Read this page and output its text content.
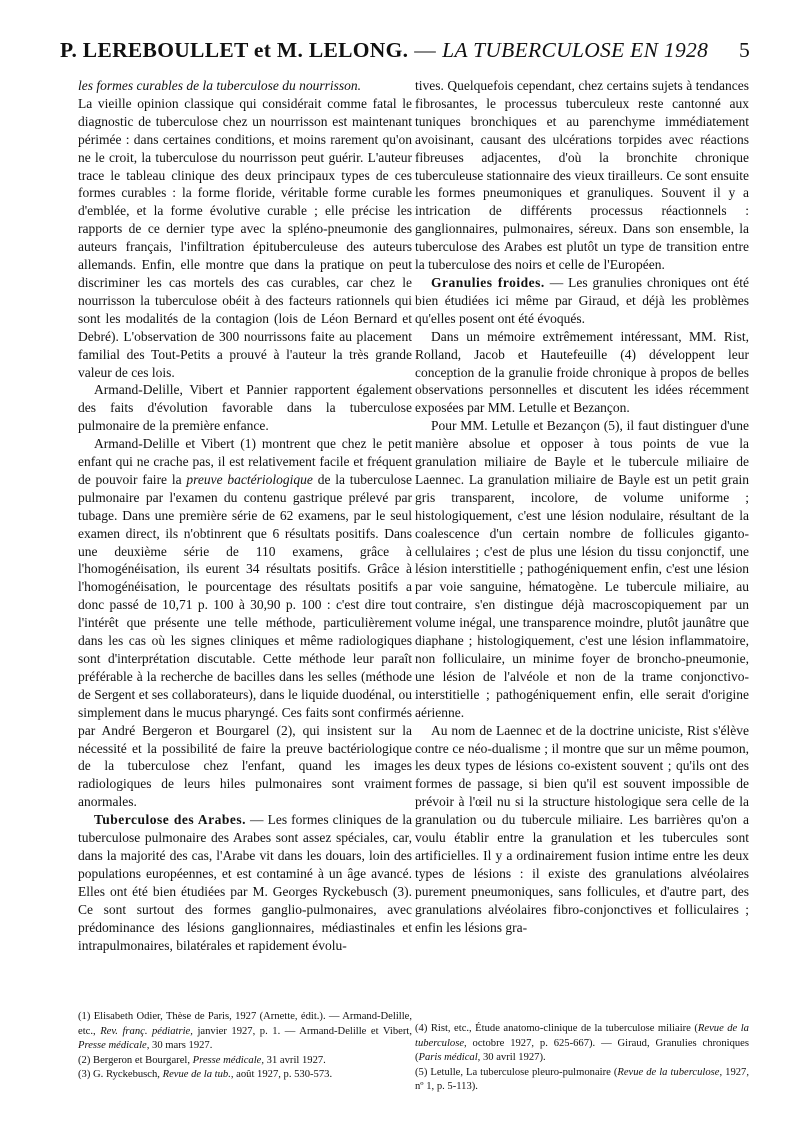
P. LEREBOULLET et M. LELONG. — LA TUBERCULOSE EN 1928 5

les formes curables de la tuberculose du nourrisson.
La vieille opinion classique qui considérait comme fatal le diagnostic de tuberculose chez un nourrisson est maintenant périmée : dans certaines conditions, et moins rarement qu'on ne le croit, la tuberculose du nourrisson peut guérir. L'auteur trace le tableau clinique des deux principaux types de ces formes curables : la forme floride, véritable forme curable d'emblée, et la forme évolutive curable ; elle précise les rapports de ce dernier type avec la spléno-pneumonie des auteurs français, l'infiltration épituberculeuse des auteurs allemands. Enfin, elle montre que dans la pratique on peut discriminer les cas mortels des cas curables, car chez le nourrisson la tuberculose obéit à des facteurs rationnels qui sont les modalités de la contagion (lois de Léon Bernard et Debré). L'observation de 300 nourrissons faite au placement familial des Tout-Petits a prouvé à l'auteur la très grande valeur de ces lois.

Armand-Delille, Vibert et Pannier rapportent également des faits d'évolution favorable dans la tuberculose pulmonaire de la première enfance.

Armand-Delille et Vibert (1) montrent que chez le petit enfant qui ne crache pas, il est relativement facile et fréquent de pouvoir faire la preuve bactériologique de la tuberculose pulmonaire par l'examen du contenu gastrique prélevé par tubage. Dans une première série de 62 examens, par le seul examen direct, ils n'obtinrent que 6 résultats positifs. Dans une deuxième série de 110 examens, grâce à l'homogénéisation, ils eurent 34 résultats positifs. Grâce à l'homogénéisation, le pourcentage des résultats positifs a donc passé de 10,71 p. 100 à 30,90 p. 100 : c'est dire tout l'intérêt que présente une telle méthode, particulièrement dans les cas où les signes cliniques et même radiologiques sont d'interprétation discutable. Cette méthode leur paraît préférable à la recherche de bacilles dans les selles (méthode de Sergent et ses collaborateurs), dans le liquide duodénal, ou simplement dans le mucus pharyngé. Ces faits sont confirmés par André Bergeron et Bourgarel (2), qui insistent sur la nécessité et la possibilité de faire la preuve bactériologique de la tuberculose chez l'enfant, quand les images radiologiques de leurs hiles pulmonaires sont vraiment anormales.

Tuberculose des Arabes. — Les formes cliniques de la tuberculose pulmonaire des Arabes sont assez spéciales, car, dans la majorité des cas, l'Arabe vit dans les douars, loin des populations européennes, et est contaminé à un âge avancé. Elles ont été bien étudiées par M. Georges Ryckebusch (3). Ce sont surtout des formes ganglio-pulmonaires, avec prédominance des lésions ganglionnaires, médiastinales et intrapulmonaires, bilatérales et rapidement évolu-

tives. Quelquefois cependant, chez certains sujets à tendances fibrosantes, le processus tuberculeux reste cantonné aux tuniques bronchiques et au parenchyme immédiatement avoisinant, causant des ulcérations torpides avec réactions fibreuses adjacentes, d'où la bronchite chronique tuberculeuse stationnaire des vieux tirailleurs. Ce sont ensuite les formes pneumoniques et granuliques. Souvent il y a intrication de différents processus réactionnels : ganglionnaires, pulmonaires, séreux. Dans son ensemble, la tuberculose des Arabes est plutôt un type de transition entre la tuberculose des noirs et celle de l'Européen.

Granulies froides. — Les granulies chroniques ont été bien étudiées ici même par Giraud, et déjà les problèmes qu'elles posent ont été évoqués.

Dans un mémoire extrêmement intéressant, MM. Rist, Rolland, Jacob et Hautefeuille (4) développent leur conception de la granulie froide chronique à propos de belles observations personnelles et discutent les idées récemment exposées par MM. Letulle et Bezançon.

Pour MM. Letulle et Bezançon (5), il faut distinguer d'une manière absolue et opposer à tous points de vue la granulation miliaire de Bayle et le tubercule miliaire de Laennec. La granulation miliaire de Bayle est un petit grain gris transparent, incolore, de volume uniforme ; histologiquement, c'est une lésion nodulaire, résultant de la coalescence d'un certain nombre de follicules giganto-cellulaires ; c'est de plus une lésion du tissu conjonctif, une lésion interstitielle ; pathogéniquement enfin, c'est une lésion par voie sanguine, hématogène. Le tubercule miliaire, au contraire, s'en distingue déjà macroscopiquement par un volume inégal, une transparence moindre, plutôt jaunâtre que diaphane ; histologiquement, c'est une lésion inflammatoire, non folliculaire, un minime foyer de broncho-pneumonie, une lésion de l'alvéole et non de la trame conjonctivo-interstitielle ; pathogéniquement enfin, elle serait d'origine aérienne.

Au nom de Laennec et de la doctrine uniciste, Rist s'élève contre ce néo-dualisme ; il montre que sur un même poumon, les deux types de lésions co-existent souvent ; qu'ils ont des formes de passage, si bien qu'il est souvent impossible de prévoir à l'œil nu si la structure histologique sera celle de la granulation ou du tubercule miliaire. Les barrières qu'on a voulu établir entre la granulation et les tubercules sont artificielles. Il y a ordinairement fusion intime entre les deux types de lésions : il existe des granulations alvéolaires purement pneumoniques, sans follicules, et d'autre part, des granulations alvéolaires fibro-conjonctives et folliculaires ; enfin les lésions gra-

(1) Elisabeth Odier, Thèse de Paris, 1927 (Arnette, édit.). — Armand-Delille, etc., Rev. franç. pédiatrie, janvier 1927, p. 1. — Armand-Delille et Vibert, Presse médicale, 30 mars 1927.

(2) Bergeron et Bourgarel, Presse médicale, 31 avril 1927.

(3) G. Ryckebusch, Revue de la tub., août 1927, p. 530-573.

(4) Rist, etc., Étude anatomo-clinique de la tuberculose miliaire (Revue de la tuberculose, octobre 1927, p. 625-667). — Giraud, Granulies chroniques (Paris médical, 30 avril 1927).

(5) Letulle, La tuberculose pleuro-pulmonaire (Revue de la tuberculose, 1927, nº 1, p. 5-113).
